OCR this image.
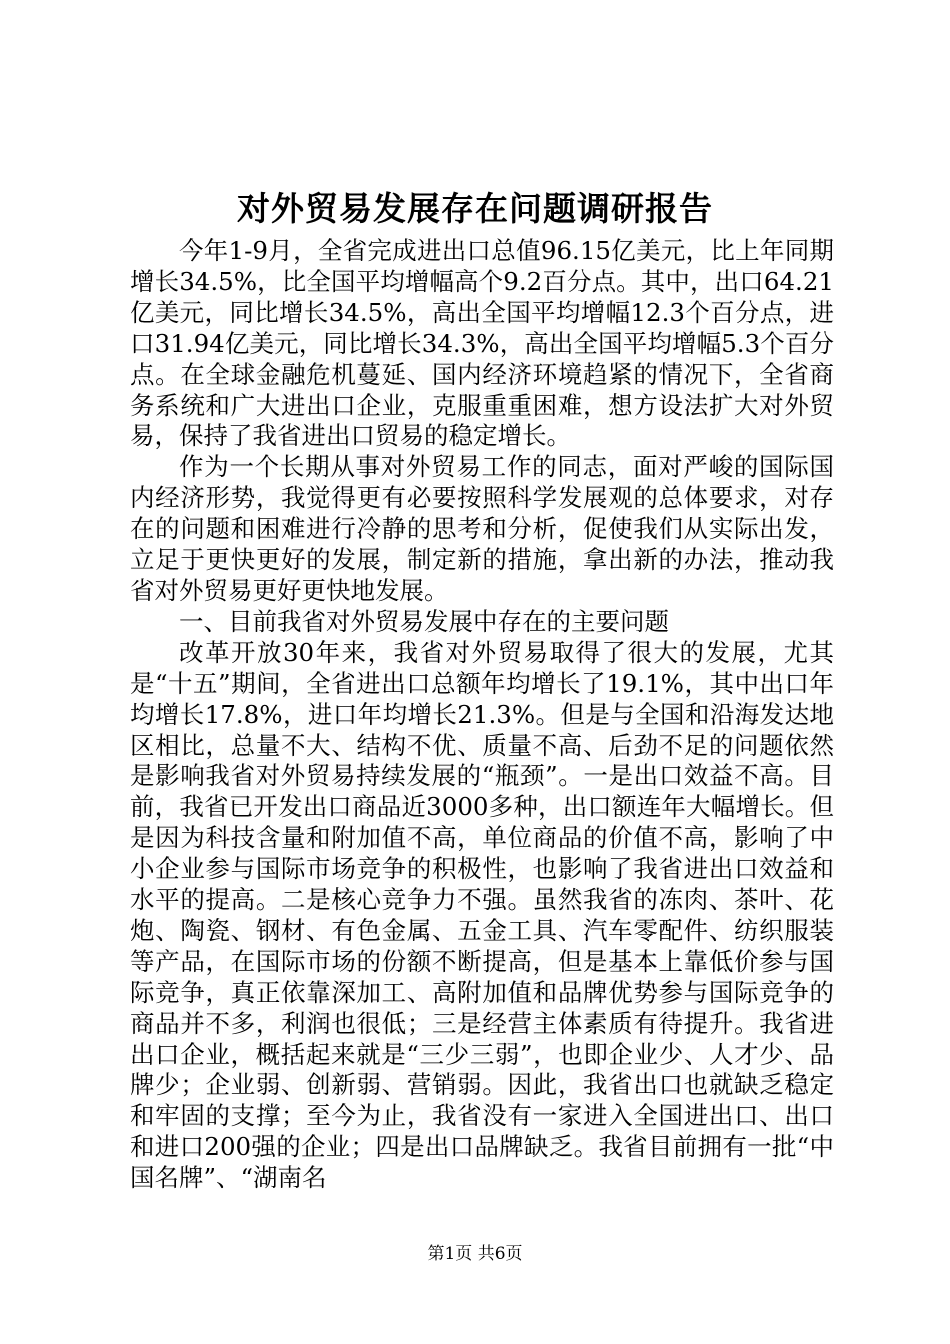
对外贸易发展存在问题调研报告

今年1-9月，全省完成进出口总值96.15亿美元，比上年同期增长34.5%，比全国平均增幅高个9.2百分点。其中，出口64.21亿美元，同比增长34.5%，高出全国平均增幅12.3个百分点，进口31.94亿美元，同比增长34.3%，高出全国平均增幅5.3个百分点。在全球金融危机蔓延、国内经济环境趋紧的情况下，全省商务系统和广大进出口企业，克服重重困难，想方设法扩大对外贸易，保持了我省进出口贸易的稳定增长。

作为一个长期从事对外贸易工作的同志，面对严峻的国际国内经济形势，我觉得更有必要按照科学发展观的总体要求，对存在的问题和困难进行冷静的思考和分析，促使我们从实际出发，立足于更快更好的发展，制定新的措施，拿出新的办法，推动我省对外贸易更好更快地发展。

一、目前我省对外贸易发展中存在的主要问题

改革开放30年来，我省对外贸易取得了很大的发展，尤其是“十五”期间，全省进出口总额年均增长了19.1%，其中出口年均增长17.8%，进口年均增长21.3%。但是与全国和沿海发达地区相比，总量不大、结构不优、质量不高、后劲不足的问题依然是影响我省对外贸易持续发展的“瓶颈”。一是出口效益不高。目前，我省已开发出口商品近3000多种，出口额连年大幅增长。但是因为科技含量和附加值不高，单位商品的价值不高，影响了中小企业参与国际市场竞争的积极性，也影响了我省进出口效益和水平的提高。二是核心竞争力不强。虽然我省的冻肉、茶叶、花炮、陶瓷、钢材、有色金属、五金工具、汽车零配件、纺织服装等产品，在国际市场的份额不断提高，但是基本上靠低价参与国际竞争，真正依靠深加工、高附加值和品牌优势参与国际竞争的商品并不多，利润也很低；三是经营主体素质有待提升。我省进出口企业，概括起来就是“三少三弱”，也即企业少、人才少、品牌少；企业弱、创新弱、营销弱。因此，我省出口也就缺乏稳定和牢固的支撑；至今为止，我省没有一家进入全国进出口、出口和进口200强的企业；四是出口品牌缺乏。我省目前拥有一批“中国名牌”、“湖南名

第1页 共6页
